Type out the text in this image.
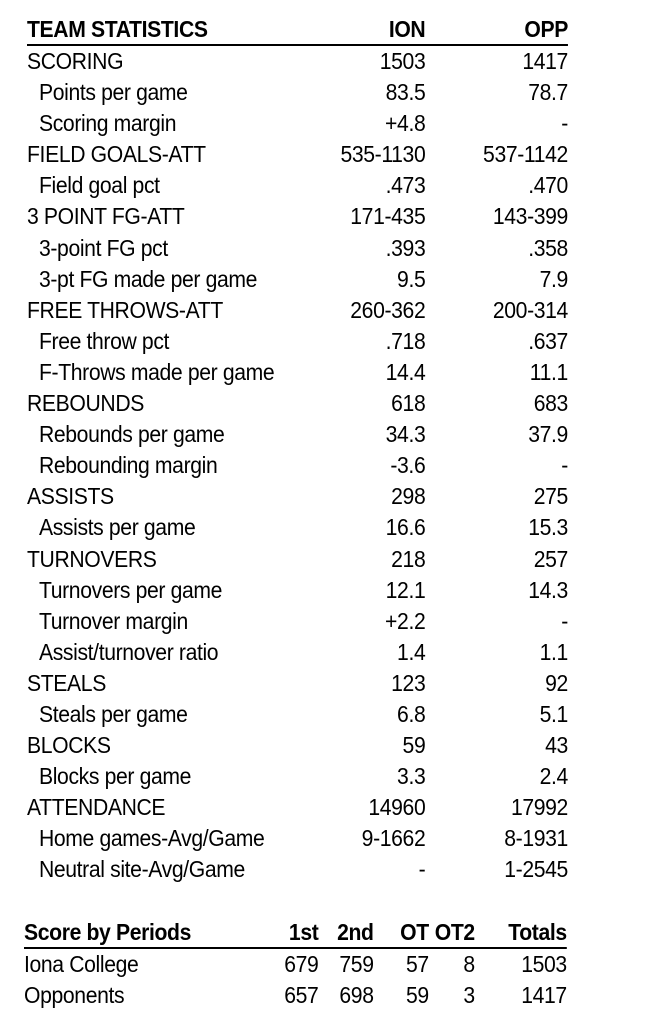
TEAM STATISTICS	ION	OPP
SCORING	1503	1417
Points per game	83.5	78.7
Scoring margin	+4.8	-
FIELD GOALS-ATT	535-1130	537-1142
Field goal pct	.473	.470
3 POINT FG-ATT	171-435	143-399
3-point FG pct	.393	.358
3-pt FG made per game	9.5	7.9
FREE THROWS-ATT	260-362	200-314
Free throw pct	.718	.637
F-Throws made per game	14.4	11.1
REBOUNDS	618	683
Rebounds per game	34.3	37.9
Rebounding margin	-3.6	-
ASSISTS	298	275
Assists per game	16.6	15.3
TURNOVERS	218	257
Turnovers per game	12.1	14.3
Turnover margin	+2.2	-
Assist/turnover ratio	1.4	1.1
STEALS	123	92
Steals per game	6.8	5.1
BLOCKS	59	43
Blocks per game	3.3	2.4
ATTENDANCE	14960	17992
Home games-Avg/Game	9-1662	8-1931
Neutral site-Avg/Game	-	1-2545
Score by Periods	1st 2nd OT OT2 Totals
Iona College	679 759 57 8 1503
Opponents	657 698 59 3 1417
